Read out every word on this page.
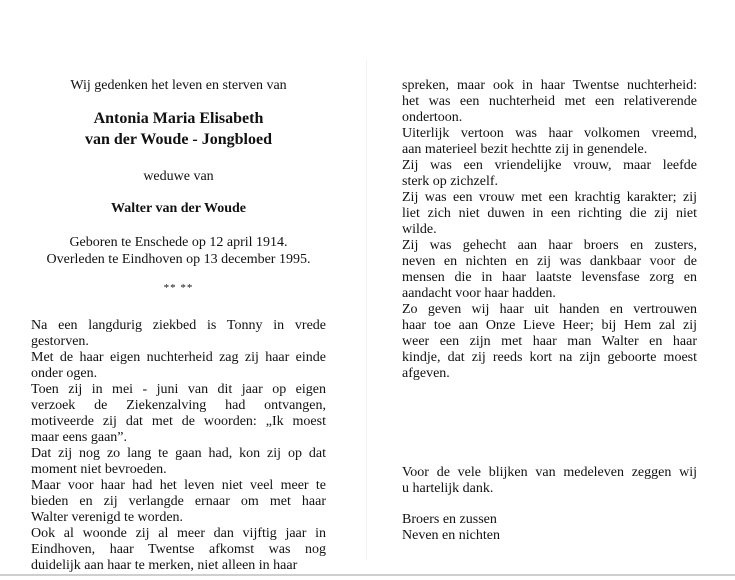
Wij gedenken het leven en sterven van
Antonia Maria Elisabeth
van der Woude - Jongbloed
weduwe van
Walter van der Woude
Geboren te Enschede op 12 april 1914.
Overleden te Eindhoven op 13 december 1995.
** **
Na een langdurig ziekbed is Tonny in vrede
gestorven.
Met de haar eigen nuchterheid zag zij haar einde
onder ogen.
Toen zij in mei - juni van dit jaar op eigen
verzoek de Ziekenzalving had ontvangen,
motiveerde zij dat met de woorden: „Ik moest
maar eens gaan”.
Dat zij nog zo lang te gaan had, kon zij op dat
moment niet bevroeden.
Maar voor haar had het leven niet veel meer te
bieden en zij verlangde ernaar om met haar
Walter verenigd te worden.
Ook al woonde zij al meer dan vijftig jaar in
Eindhoven, haar Twentse afkomst was nog
duidelijk aan haar te merken, niet alleen in haar
spreken, maar ook in haar Twentse nuchterheid:
het was een nuchterheid met een relativerende
ondertoon.
Uiterlijk vertoon was haar volkomen vreemd,
aan materieel bezit hechtte zij in genendele.
Zij was een vriendelijke vrouw, maar leefde
sterk op zichzelf.
Zij was een vrouw met een krachtig karakter; zij
liet zich niet duwen in een richting die zij niet
wilde.
Zij was gehecht aan haar broers en zusters,
neven en nichten en zij was dankbaar voor de
mensen die in haar laatste levensfase zorg en
aandacht voor haar hadden.
Zo geven wij haar uit handen en vertrouwen
haar toe aan Onze Lieve Heer; bij Hem zal zij
weer een zijn met haar man Walter en haar
kindje, dat zij reeds kort na zijn geboorte moest
afgeven.
Voor de vele blijken van medeleven zeggen wij
u hartelijk dank.
Broers en zussen
Neven en nichten
